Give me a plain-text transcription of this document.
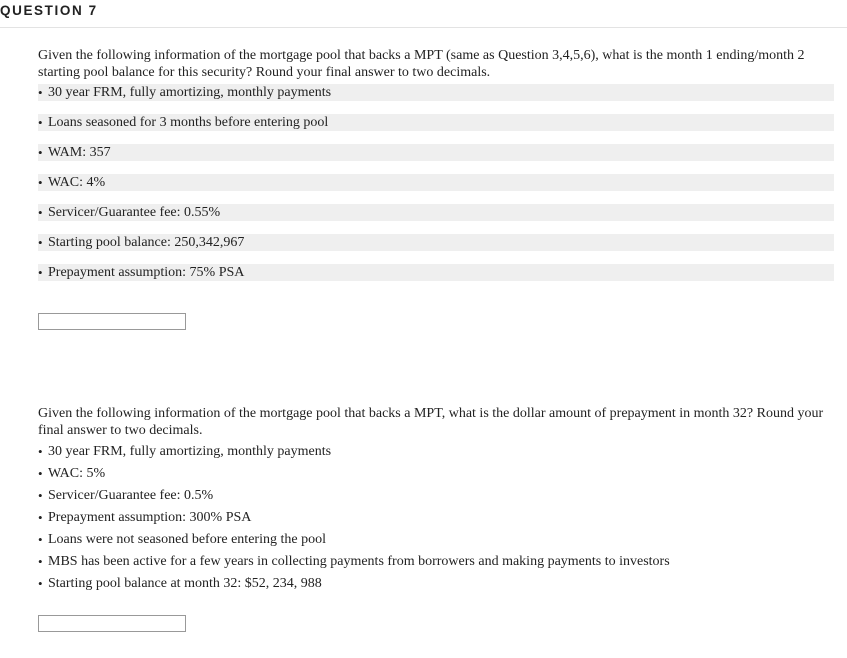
QUESTION 7

Given the following information of the mortgage pool that backs a MPT (same as Question 3,4,5,6), what is the month 1 ending/month 2 starting pool balance for this security? Round your final answer to two decimals.

• 30 year FRM, fully amortizing, monthly payments
• Loans seasoned for 3 months before entering pool
• WAM: 357
• WAC: 4%
• Servicer/Guarantee fee: 0.55%
• Starting pool balance: 250,342,967
• Prepayment assumption: 75% PSA

Given the following information of the mortgage pool that backs a MPT, what is the dollar amount of prepayment in month 32? Round your final answer to two decimals.

• 30 year FRM, fully amortizing, monthly payments
• WAC: 5%
• Servicer/Guarantee fee: 0.5%
• Prepayment assumption: 300% PSA
• Loans were not seasoned before entering the pool
• MBS has been active for a few years in collecting payments from borrowers and making payments to investors
• Starting pool balance at month 32: $52, 234, 988
